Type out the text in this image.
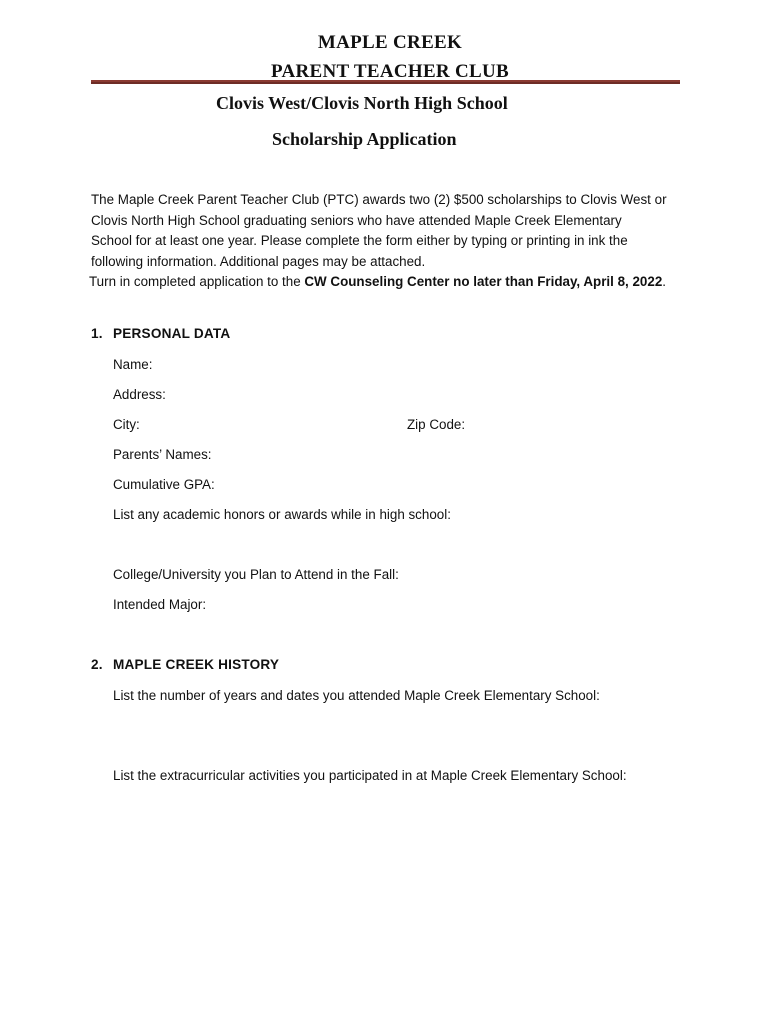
MAPLE CREEK
PARENT TEACHER CLUB
Clovis West/Clovis North High School
Scholarship Application

The Maple Creek Parent Teacher Club (PTC) awards two (2) $500 scholarships to Clovis West or

Clovis North High School graduating seniors who have attended Maple Creek Elementary

School for at least one year. Please complete the form either by typing or printing in ink the

following information. Additional pages may be attached.

Turn in completed application to the CW Counseling Center no later than Friday, April 8, 2022.

1. PERSONAL DATA
Name:
Address:
City:	Zip Code:
Parents’ Names:
Cumulative GPA:
List any academic honors or awards while in high school:
College/University you Plan to Attend in the Fall:
Intended Major:
2. MAPLE CREEK HISTORY
List the number of years and dates you attended Maple Creek Elementary School:
List the extracurricular activities you participated in at Maple Creek Elementary School:
